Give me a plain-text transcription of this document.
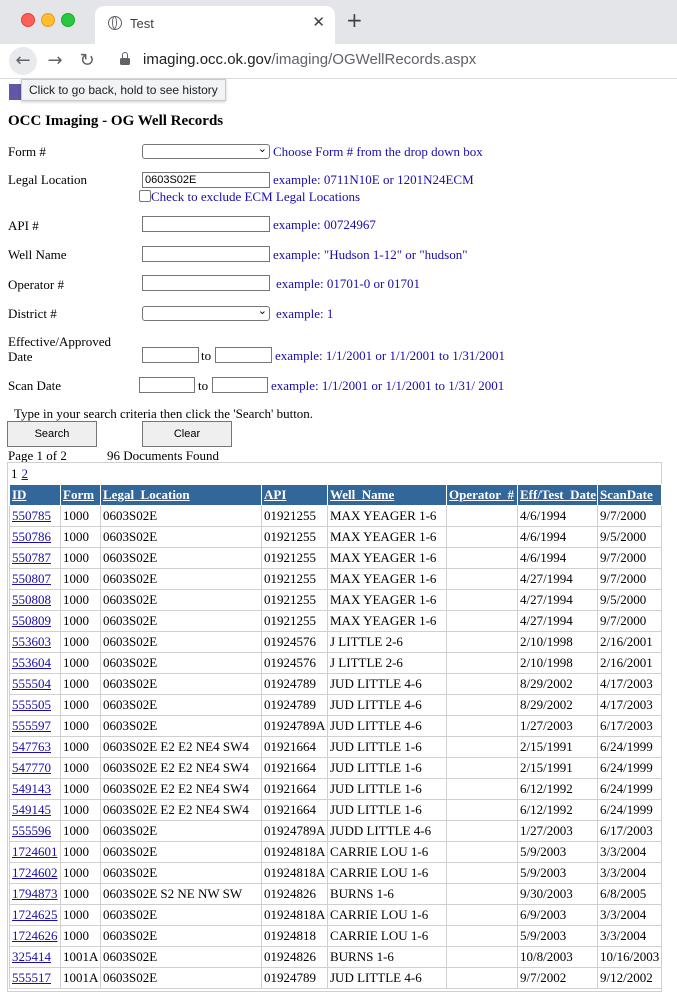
Test	✕ +
← → ↻	imaging.occ.ok.gov/imaging/OGWellRecords.aspx
Click to go back, hold to see history
OCC Imaging - OG Well Records
Form #	⌄ Choose Form # from the drop down box
Legal Location	0603S02E	example: 0711N10E or 1201N24ECM
Check to exclude ECM Legal Locations
API #	example: 00724967
Well Name	example: "Hudson 1-12" or "hudson"
Operator #	example: 01701-0 or 01701
District #	⌄ example: 1
Effective/Approved
Date	to	example: 1/1/2001 or 1/1/2001 to 1/31/2001
Scan Date	to	example: 1/1/2001 or 1/1/2001 to 1/31/ 2001
Type in your search criteria then click the 'Search' button.
Search	Clear
Page 1 of 2	96 Documents Found
1 2
ID	Form	Legal_Location	API	Well_Name	Operator_#	Eff/Test_Date	ScanDate
550785	1000	0603S02E	01921255	MAX YEAGER 1-6		4/6/1994	9/7/2000
550786	1000	0603S02E	01921255	MAX YEAGER 1-6		4/6/1994	9/5/2000
550787	1000	0603S02E	01921255	MAX YEAGER 1-6		4/6/1994	9/7/2000
550807	1000	0603S02E	01921255	MAX YEAGER 1-6		4/27/1994	9/7/2000
550808	1000	0603S02E	01921255	MAX YEAGER 1-6		4/27/1994	9/5/2000
550809	1000	0603S02E	01921255	MAX YEAGER 1-6		4/27/1994	9/7/2000
553603	1000	0603S02E	01924576	J LITTLE 2-6		2/10/1998	2/16/2001
553604	1000	0603S02E	01924576	J LITTLE 2-6		2/10/1998	2/16/2001
555504	1000	0603S02E	01924789	JUD LITTLE 4-6		8/29/2002	4/17/2003
555505	1000	0603S02E	01924789	JUD LITTLE 4-6		8/29/2002	4/17/2003
555597	1000	0603S02E	01924789A	JUD LITTLE 4-6		1/27/2003	6/17/2003
547763	1000	0603S02E E2 E2 NE4 SW4	01921664	JUD LITTLE 1-6		2/15/1991	6/24/1999
547770	1000	0603S02E E2 E2 NE4 SW4	01921664	JUD LITTLE 1-6		2/15/1991	6/24/1999
549143	1000	0603S02E E2 E2 NE4 SW4	01921664	JUD LITTLE 1-6		6/12/1992	6/24/1999
549145	1000	0603S02E E2 E2 NE4 SW4	01921664	JUD LITTLE 1-6		6/12/1992	6/24/1999
555596	1000	0603S02E	01924789A	JUDD LITTLE 4-6		1/27/2003	6/17/2003
1724601	1000	0603S02E	01924818A	CARRIE LOU 1-6		5/9/2003	3/3/2004
1724602	1000	0603S02E	01924818A	CARRIE LOU 1-6		5/9/2003	3/3/2004
1794873	1000	0603S02E S2 NE NW SW	01924826	BURNS 1-6		9/30/2003	6/8/2005
1724625	1000	0603S02E	01924818A	CARRIE LOU 1-6		6/9/2003	3/3/2004
1724626	1000	0603S02E	01924818	CARRIE LOU 1-6		5/9/2003	3/3/2004
325414	1001A	0603S02E	01924826	BURNS 1-6		10/8/2003	10/16/2003
555517	1001A	0603S02E	01924789	JUD LITTLE 4-6		9/7/2002	9/12/2002
